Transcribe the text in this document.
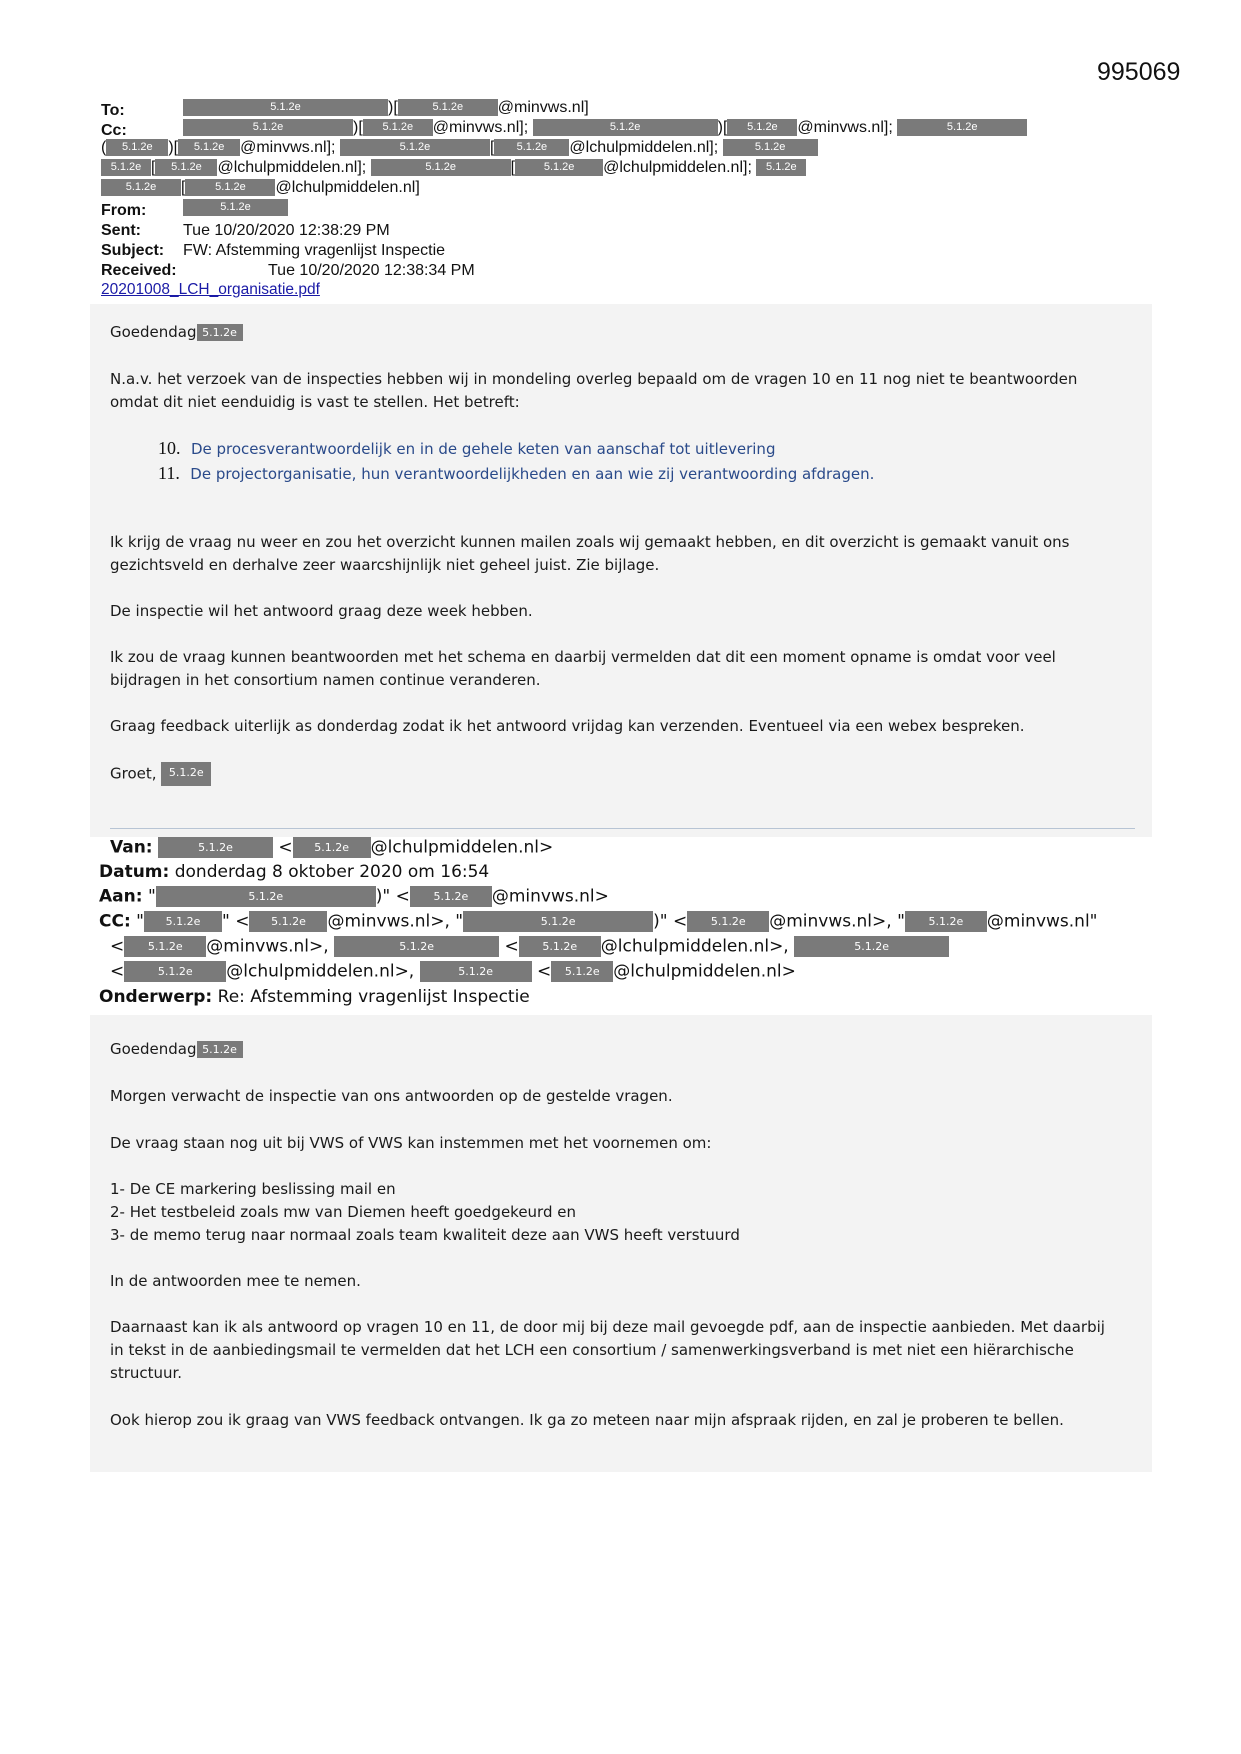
995069
To:	5.1.2e	)[	5.1.2e @minvws.nl]
Cc:	5.1.2e	)[ 5.1.2e @minvws.nl];	5.1.2e	)[ 5.1.2e @minvws.nl];	5.1.2e
( 5.1.2e )[ 5.1.2e @minvws.nl];	5.1.2e	[ 5.1.2e @lchulpmiddelen.nl];	5.1.2e
5.1.2e [ 5.1.2e @lchulpmiddelen.nl];	5.1.2e	[	5.1.2e @lchulpmiddelen.nl]; 5.1.2e
5.1.2e [	5.1.2e @lchulpmiddelen.nl]
From:	5.1.2e
Sent:	Tue 10/20/2020 12:38:29 PM
Subject: FW: Afstemming vragenlijst Inspectie
Received:	Tue 10/20/2020 12:38:34 PM
20201008_LCH_organisatie.pdf
Goedendag 5.1.2e
N.a.v. het verzoek van de inspecties hebben wij in mondeling overleg bepaald om de vragen 10 en 11 nog niet te beantwoorden
omdat dit niet eenduidig is vast te stellen. Het betreft:
10. De procesverantwoordelijk en in de gehele keten van aanschaf tot uitlevering
11. De projectorganisatie, hun verantwoordelijkheden en aan wie zij verantwoording afdragen.
Ik krijg de vraag nu weer en zou het overzicht kunnen mailen zoals wij gemaakt hebben, en dit overzicht is gemaakt vanuit ons
gezichtsveld en derhalve zeer waarcshijnlijk niet geheel juist. Zie bijlage.
De inspectie wil het antwoord graag deze week hebben.
Ik zou de vraag kunnen beantwoorden met het schema en daarbij vermelden dat dit een moment opname is omdat voor veel
bijdragen in het consortium namen continue veranderen.
Graag feedback uiterlijk as donderdag zodat ik het antwoord vrijdag kan verzenden. Eventueel via een webex bespreken.
Groet, 5.1.2e
Van:	5.1.2e	< 5.1.2e @lchulpmiddelen.nl>
Datum: donderdag 8 oktober 2020 om 16:54
Aan: "	5.1.2e	)" < 5.1.2e @minvws.nl>
CC: " 5.1.2e " < 5.1.2e @minvws.nl>, "	5.1.2e	)" < 5.1.2e @minvws.nl>, " 5.1.2e @minvws.nl"
< 5.1.2e @minvws.nl>,	5.1.2e	< 5.1.2e @lchulpmiddelen.nl>,	5.1.2e
<	5.1.2e @lchulpmiddelen.nl>,	5.1.2e	< 5.1.2e @lchulpmiddelen.nl>
Onderwerp: Re: Afstemming vragenlijst Inspectie
Goedendag 5.1.2e
Morgen verwacht de inspectie van ons antwoorden op de gestelde vragen.
De vraag staan nog uit bij VWS of VWS kan instemmen met het voornemen om:
1- De CE markering beslissing mail en
2- Het testbeleid zoals mw van Diemen heeft goedgekeurd en
3- de memo terug naar normaal zoals team kwaliteit deze aan VWS heeft verstuurd
In de antwoorden mee te nemen.
Daarnaast kan ik als antwoord op vragen 10 en 11, de door mij bij deze mail gevoegde pdf, aan de inspectie aanbieden. Met daarbij
in tekst in de aanbiedingsmail te vermelden dat het LCH een consortium / samenwerkingsverband is met niet een hiërarchische
structuur.
Ook hierop zou ik graag van VWS feedback ontvangen. Ik ga zo meteen naar mijn afspraak rijden, en zal je proberen te bellen.
